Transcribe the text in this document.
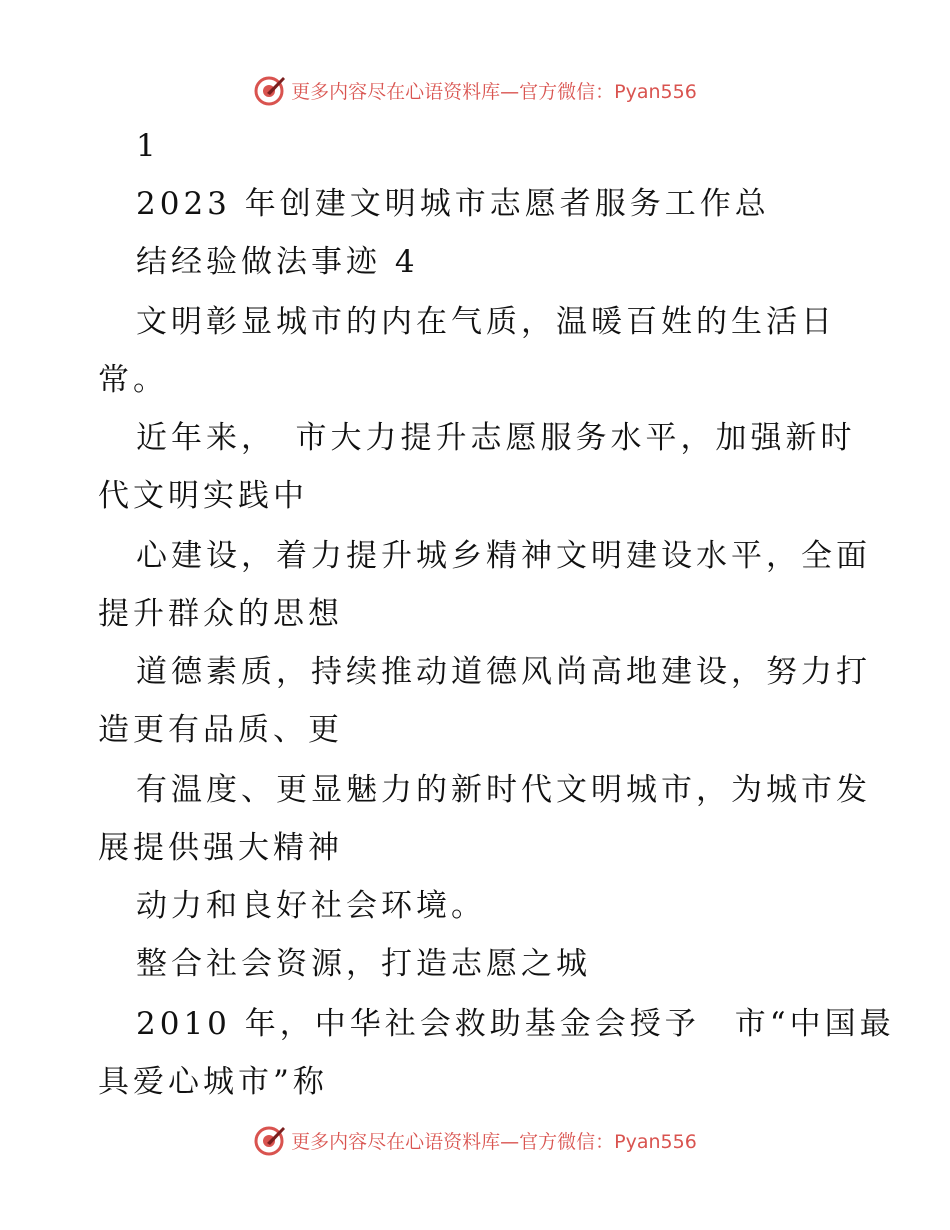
更多内容尽在心语资料库 —官方微信：Pyan556
1
2023 年创建文明城市志愿者服务工作总
结经验做法事迹 4
文明彰显城市的内在气质，温暖百姓的生活日
常。
近年来，　市大力提升志愿服务水平，加强新时
代文明实践中
心建设，着力提升城乡精神文明建设水平，全面
提升群众的思想
道德素质，持续推动道德风尚高地建设，努力打
造更有品质、更
有温度、更显魅力的新时代文明城市，为城市发
展提供强大精神
动力和良好社会环境。
整合社会资源，打造志愿之城
2010 年，中华社会救助基金会授予　市“中国最
具爱心城市”称
更多内容尽在心语资料库 —官方微信：Pyan556
